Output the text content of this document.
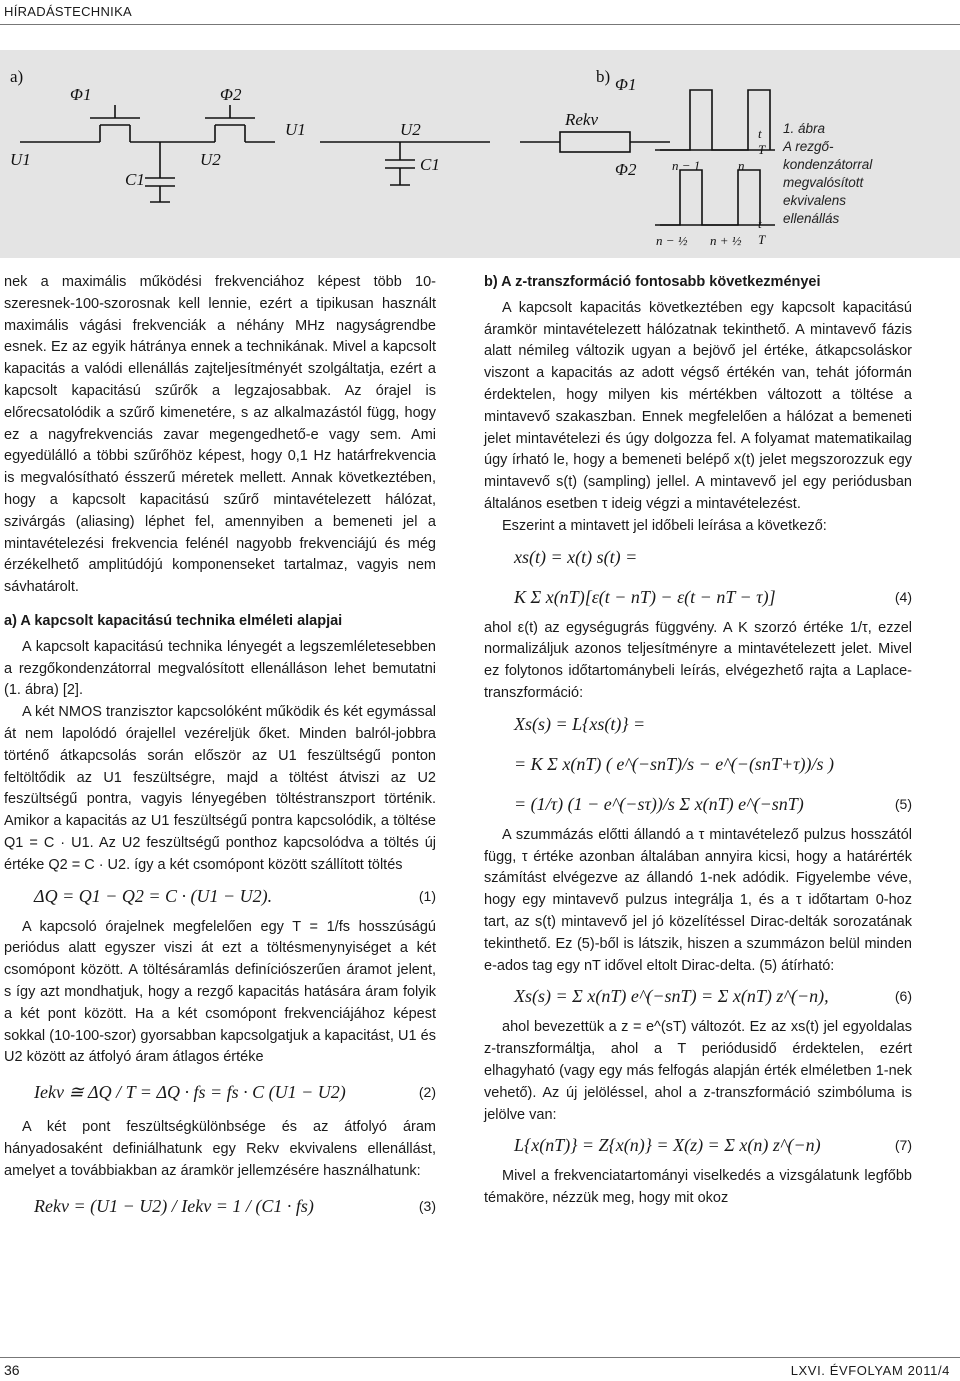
HÍRADÁSTECHNIKA
a)	b)
Φ1	Φ2
U1	U2
C1
U1	U2
C1
Rekv
Φ1
Φ2	n − 1	n
t
T
n − ½ n + ½
t
T
1. ábra
A rezgő-
kondenzátorral
megvalósított
ekvivalens
ellenállás

nek a maximális működési frekvenciához képest több 10-szeresnek-100-szorosnak kell lennie, ezért a tipikusan használt maximális vágási frekvenciák a néhány MHz nagyságrendbe esnek. Ez az egyik hátránya ennek a technikának. Mivel a kapcsolt kapacitás a valódi ellenállás zajteljesítményét szolgáltatja, ezért a kapcsolt kapacitású szűrők a legzajosabbak. Az órajel is előrecsatolódik a szűrő kimenetére, s az alkalmazástól függ, hogy ez a nagyfrekvenciás zavar megengedhető-e vagy sem. Ami egyedülálló a többi szűrőhöz képest, hogy 0,1 Hz határfrekvencia is megvalósítható ésszerű méretek mellett. Annak következtében, hogy a kapcsolt kapacitású szűrő mintavételezett hálózat, szivárgás (aliasing) léphet fel, amennyiben a bemeneti jel a mintavételezési frekvencia felénél nagyobb frekvenciájú és még érzékelhető amplitúdójú komponenseket tartalmaz, vagyis nem sávhatárolt.

a) A kapcsolt kapacitású technika elméleti alapjai

A kapcsolt kapacitású technika lényegét a legszemléletesebben a rezgőkondenzátorral megvalósított ellenálláson lehet bemutatni (1. ábra) [2].

A két NMOS tranzisztor kapcsolóként működik és két egymással át nem lapolódó órajellel vezéreljük őket. Minden balról-jobbra történő átkapcsolás során először az U1 feszültségű ponton feltöltődik az U1 feszültségre, majd a töltést átviszi az U2 feszültségű pontra, vagyis lényegében töltéstranszport történik. Amikor a kapacitás az U1 feszültségű pontra kapcsolódik, a töltése Q1 = C · U1. Az U2 feszültségű ponthoz kapcsolódva a töltés új értéke Q2 = C · U2. így a két csomópont között szállított töltés

ΔQ = Q1 − Q2 = C · (U1 − U2).	(1)

A kapcsoló órajelnek megfelelően egy T = 1/fs hosszúságú periódus alatt egyszer viszi át ezt a töltésmenynyiséget a két csomópont között. A töltésáramlás definíciószerűen áramot jelent, s így azt mondhatjuk, hogy a rezgő kapacitás hatására áram folyik a két pont között. Ha a két csomópont frekvenciájához képest sokkal (10-100-szor) gyorsabban kapcsolgatjuk a kapacitást, U1 és U2 között az átfolyó áram átlagos értéke

Iekv ≅ ΔQ / T = ΔQ · fs = fs · C (U1 − U2)	(2)

A két pont feszültségkülönbsége és az átfolyó áram hányadosaként definiálhatunk egy Rekv ekvivalens ellenállást, amelyet a továbbiakban az áramkör jellemzésére használhatunk:

Rekv = (U1 − U2) / Iekv = 1 / (C1 · fs)	(3)
b) A z-transzformáció fontosabb következményei

A kapcsolt kapacitás következtében egy kapcsolt kapacitású áramkör mintavételezett hálózatnak tekinthető. A mintavevő fázis alatt némileg változik ugyan a bejövő jel értéke, átkapcsoláskor viszont a kapacitás az adott végső értékén van, tehát jóformán érdektelen, hogy milyen kis mértékben változott a töltése a mintavevő szakaszban. Ennek megfelelően a hálózat a bemeneti jelet mintavételezi és úgy dolgozza fel. A folyamat matematikailag úgy írható le, hogy a bemeneti belépő x(t) jelet megszorozzuk egy mintavevő s(t) (sampling) jellel. A mintavevő jel egy periódusban általános esetben τ ideig végzi a mintavételezést.

Eszerint a mintavett jel időbeli leírása a következő:

xs(t) = x(t) s(t) =
K Σ x(nT)[ε(t − nT) − ε(t − nT − τ)]	(4)

ahol ε(t) az egységugrás függvény. A K szorzó értéke 1/τ, ezzel normalizáljuk azonos teljesítményre a mintavételezett jelet. Mivel ez folytonos időtartománybeli leírás, elvégezhető rajta a Laplace-transzformáció:

Xs(s) = L{xs(t)} =
= K Σ x(nT) ( e^(−snT)/s − e^(−(snT+τ))/s )
= (1/τ) (1 − e^(−sτ))/s Σ x(nT) e^(−snT)	(5)

A szummázás előtti állandó a τ mintavételező pulzus hosszától függ, τ értéke azonban általában annyira kicsi, hogy a határérték számítást elvégezve az állandó 1-nek adódik. Figyelembe véve, hogy egy mintavevő pulzus integrálja 1, és a τ időtartam 0-hoz tart, az s(t) mintavevő jel jó közelítéssel Dirac-delták sorozatának tekinthető. Ez (5)-ből is látszik, hiszen a szummázon belül minden e-ados tag egy nT idővel eltolt Dirac-delta. (5) átírható:

Xs(s) = Σ x(nT) e^(−snT) = Σ x(nT) z^(−n),	(6)

ahol bevezettük a z = e^(sT) változót. Ez az xs(t) jel egyoldalas z-transzformáltja, ahol a T periódusidő érdektelen, ezért elhagyható (vagy egy más felfogás alapján érték elméletben 1-nek vehető). Az új jelöléssel, ahol a z-transzformáció szimbóluma is jelölve van:

L{x(nT)} = Z{x(n)} = X(z) = Σ x(n) z^(−n)	(7)

Mivel a frekvenciatartományi viselkedés a vizsgálatunk legfőbb témaköre, nézzük meg, hogy mit okoz

36	LXVI. ÉVFOLYAM 2011/4
